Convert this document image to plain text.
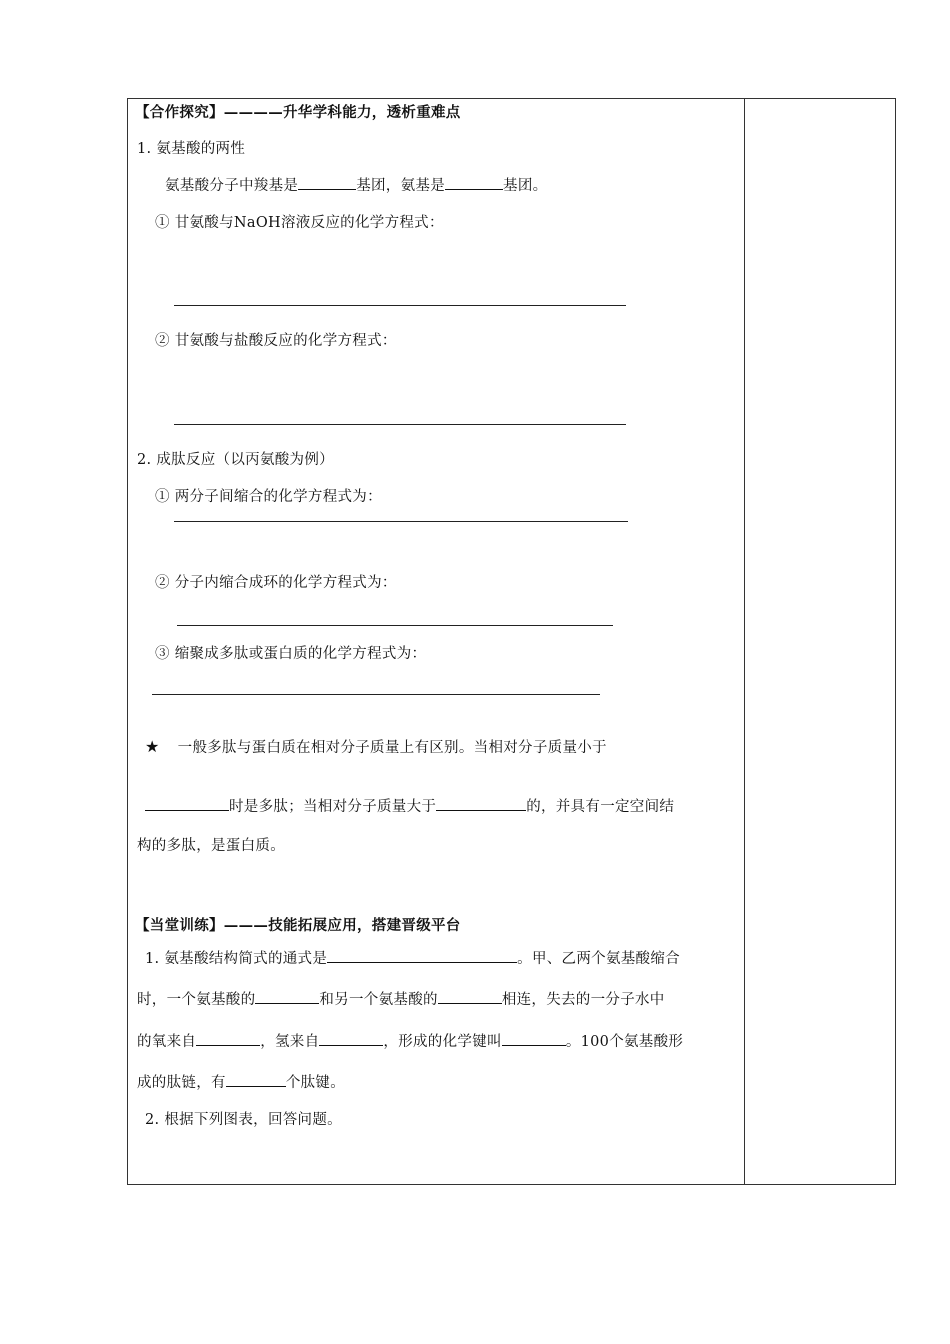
【合作探究】————升华学科能力，透析重难点
1. 氨基酸的两性
氨基酸分子中羧基是	基团，氨基是	基团。
① 甘氨酸与NaOH溶液反应的化学方程式：
② 甘氨酸与盐酸反应的化学方程式：
2. 成肽反应（以丙氨酸为例）
① 两分子间缩合的化学方程式为：
② 分子内缩合成环的化学方程式为：
③ 缩聚成多肽或蛋白质的化学方程式为：
★ 一般多肽与蛋白质在相对分子质量上有区别。当相对分子质量小于
时是多肽；当相对分子质量大于	的，并具有一定空间结
构的多肽，是蛋白质。
【当堂训练】———技能拓展应用，搭建晋级平台
1. 氨基酸结构简式的通式是	。甲、乙两个氨基酸缩合
时，一个氨基酸的	和另一个氨基酸的	相连，失去的一分子水中
的氧来自	，氢来自	，形成的化学键叫	。100个氨基酸形
成的肽链，有	个肽键。
2. 根据下列图表，回答问题。
